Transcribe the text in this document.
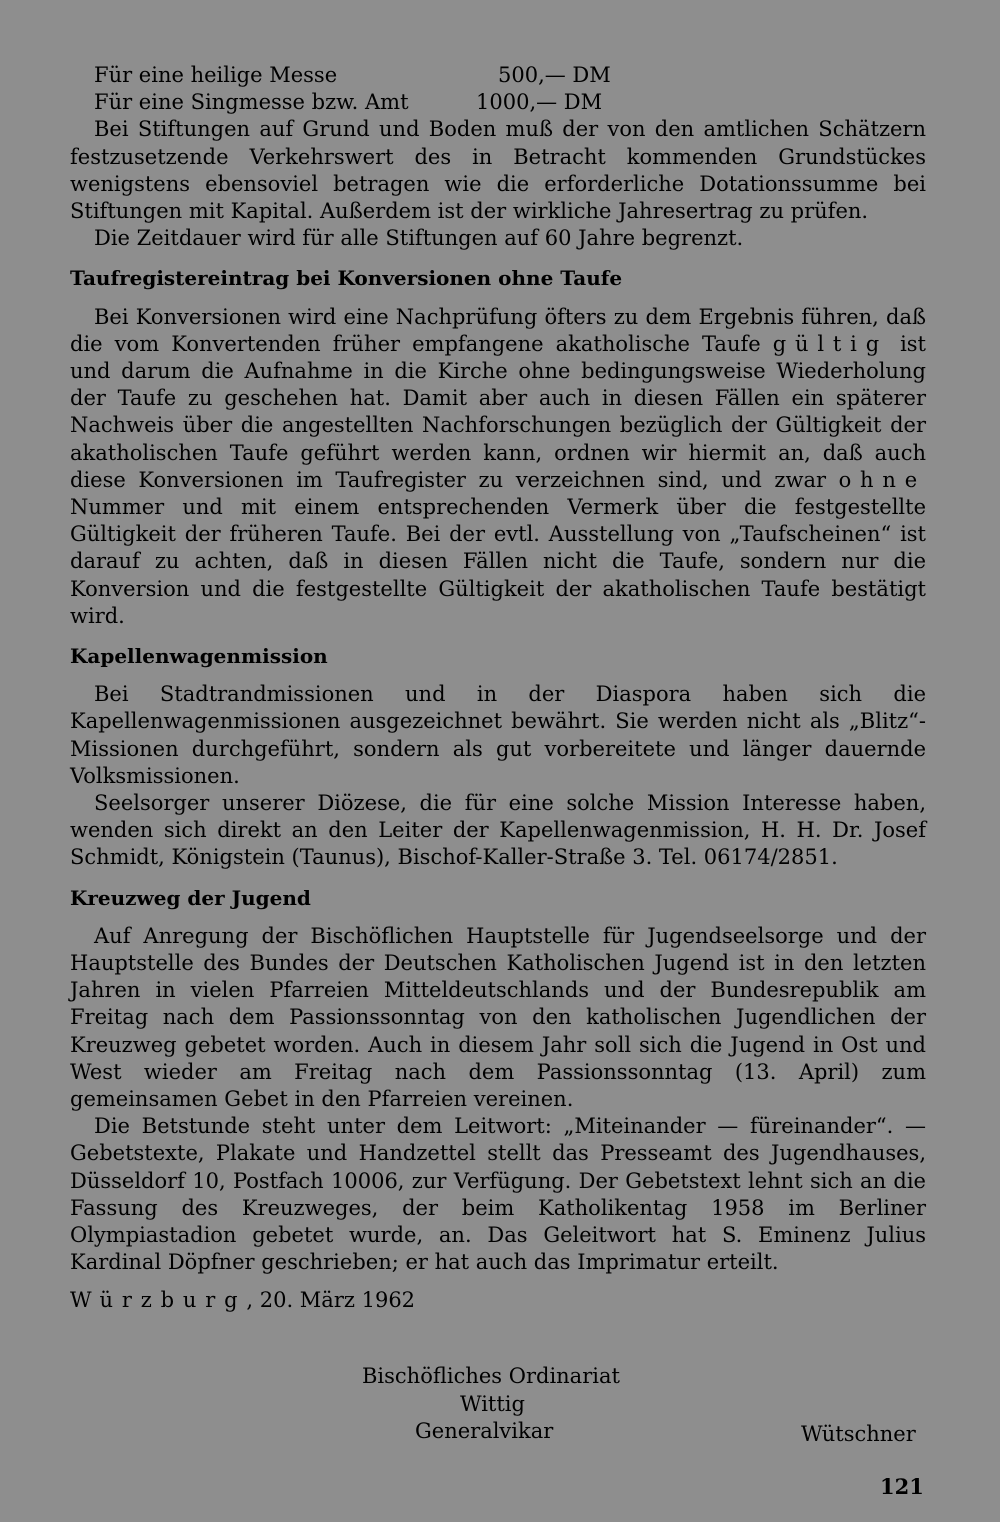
Für eine heilige Messe	500,— DM
Für eine Singmesse bzw. Amt	1000,— DM

Bei Stiftungen auf Grund und Boden muß der von den amtlichen Schätzern festzusetzende Verkehrswert des in Betracht kommenden Grundstückes wenigstens ebensoviel betragen wie die erforderliche Dotationssumme bei Stiftungen mit Kapital. Außerdem ist der wirkliche Jahresertrag zu prüfen.

Die Zeitdauer wird für alle Stiftungen auf 60 Jahre begrenzt.

Taufregistereintrag bei Konversionen ohne Taufe

Bei Konversionen wird eine Nachprüfung öfters zu dem Ergebnis führen, daß die vom Konvertenden früher empfangene akatholische Taufe gültig ist und darum die Aufnahme in die Kirche ohne bedingungsweise Wiederholung der Taufe zu geschehen hat. Damit aber auch in diesen Fällen ein späterer Nachweis über die angestellten Nachforschungen bezüglich der Gültigkeit der akatholischen Taufe geführt werden kann, ordnen wir hiermit an, daß auch diese Konversionen im Taufregister zu verzeichnen sind, und zwar ohne Nummer und mit einem entsprechenden Vermerk über die festgestellte Gültigkeit der früheren Taufe. Bei der evtl. Ausstellung von „Taufscheinen“ ist darauf zu achten, daß in diesen Fällen nicht die Taufe, sondern nur die Konversion und die festgestellte Gültigkeit der akatholischen Taufe bestätigt wird.

Kapellenwagenmission

Bei Stadtrandmissionen und in der Diaspora haben sich die Kapellenwagenmissionen ausgezeichnet bewährt. Sie werden nicht als „Blitz“-Missionen durchgeführt, sondern als gut vorbereitete und länger dauernde Volksmissionen.

Seelsorger unserer Diözese, die für eine solche Mission Interesse haben, wenden sich direkt an den Leiter der Kapellenwagenmission, H. H. Dr. Josef Schmidt, Königstein (Taunus), Bischof-Kaller-Straße 3. Tel. 06174/2851.

Kreuzweg der Jugend

Auf Anregung der Bischöflichen Hauptstelle für Jugendseelsorge und der Hauptstelle des Bundes der Deutschen Katholischen Jugend ist in den letzten Jahren in vielen Pfarreien Mitteldeutschlands und der Bundesrepublik am Freitag nach dem Passionssonntag von den katholischen Jugendlichen der Kreuzweg gebetet worden. Auch in diesem Jahr soll sich die Jugend in Ost und West wieder am Freitag nach dem Passionssonntag (13. April) zum gemeinsamen Gebet in den Pfarreien vereinen.

Die Betstunde steht unter dem Leitwort: „Miteinander — füreinander“. — Gebetstexte, Plakate und Handzettel stellt das Presseamt des Jugendhauses, Düsseldorf 10, Postfach 10006, zur Verfügung. Der Gebetstext lehnt sich an die Fassung des Kreuzweges, der beim Katholikentag 1958 im Berliner Olympiastadion gebetet wurde, an. Das Geleitwort hat S. Eminenz Julius Kardinal Döpfner geschrieben; er hat auch das Imprimatur erteilt.

Würzburg, 20. März 1962
Bischöfliches Ordinariat
Wittig
Generalvikar	Wütschner
121
